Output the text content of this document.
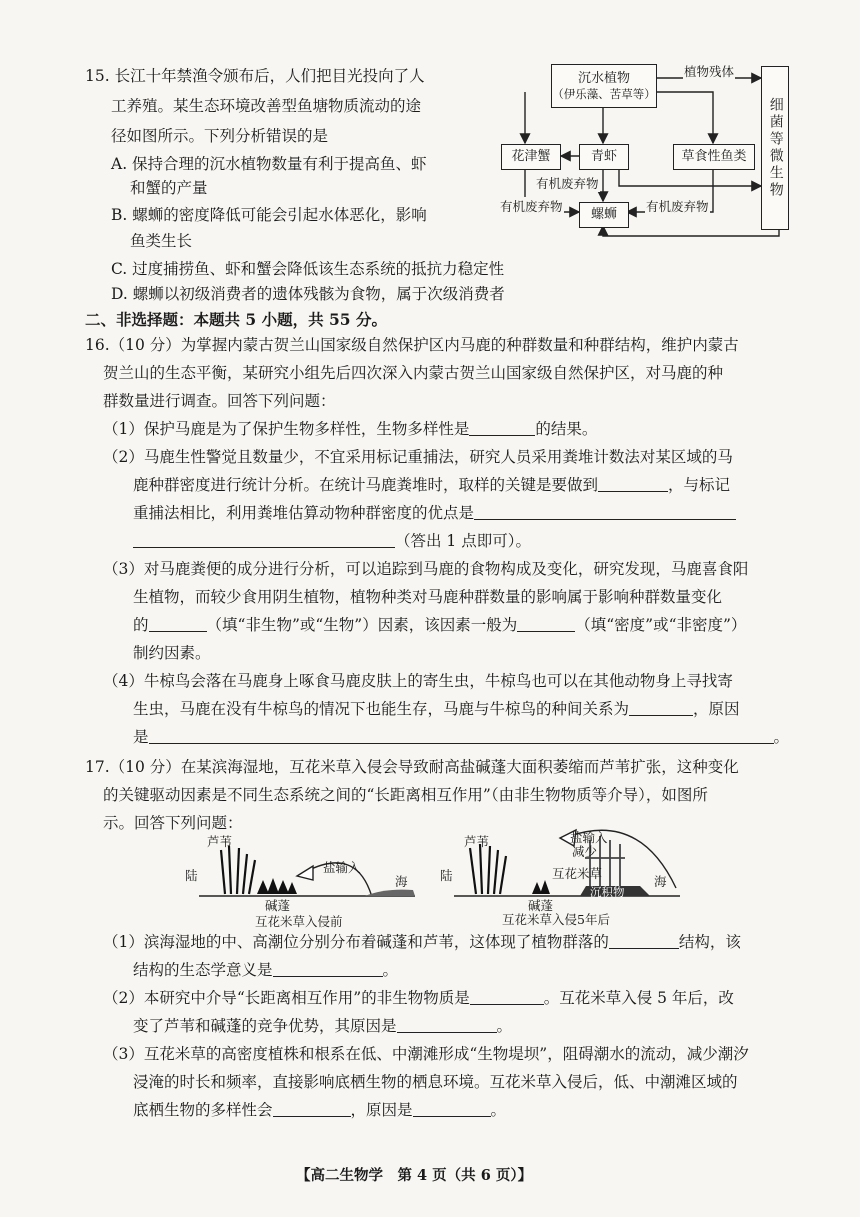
15. 长江十年禁渔令颁布后，人们把目光投向了人
工养殖。某生态环境改善型鱼塘物质流动的途
径如图所示。下列分析错误的是
A. 保持合理的沉水植物数量有利于提高鱼、虾
和蟹的产量
B. 螺蛳的密度降低可能会引起水体恶化，影响
鱼类生长
C. 过度捕捞鱼、虾和蟹会降低该生态系统的抵抗力稳定性
D. 螺蛳以初级消费者的遗体残骸为食物，属于次级消费者
沉水植物
（伊乐藻、苦草等）
细菌等微生物
花津蟹	青虾	草食性鱼类
螺蛳
植物残体
有机废弃物
有机废弃物	有机废弃物
二、非选择题：本题共 5 小题，共 55 分。
16.（10 分）为掌握内蒙古贺兰山国家级自然保护区内马鹿的种群数量和种群结构，维护内蒙古
贺兰山的生态平衡，某研究小组先后四次深入内蒙古贺兰山国家级自然保护区，对马鹿的种
群数量进行调查。回答下列问题：
（1）保护马鹿是为了保护生物多样性，生物多样性是	的结果。
（2）马鹿生性警觉且数量少，不宜采用标记重捕法，研究人员采用粪堆计数法对某区域的马
鹿种群密度进行统计分析。在统计马鹿粪堆时，取样的关键是要做到	，与标记
重捕法相比，利用粪堆估算动物种群密度的优点是
（答出 1 点即可）。
（3）对马鹿粪便的成分进行分析，可以追踪到马鹿的食物构成及变化，研究发现，马鹿喜食阳
生植物，而较少食用阴生植物，植物种类对马鹿种群数量的影响属于影响种群数量变化
的	（填“非生物”或“生物”）因素，该因素一般为	（填“密度”或“非密度”）
制约因素。
（4）牛椋鸟会落在马鹿身上啄食马鹿皮肤上的寄生虫，牛椋鸟也可以在其他动物身上寻找寄
生虫，马鹿在没有牛椋鸟的情况下也能生存，马鹿与牛椋鸟的种间关系为	，原因
是	。
17.（10 分）在某滨海湿地，互花米草入侵会导致耐高盐碱蓬大面积萎缩而芦苇扩张，这种变化
的关键驱动因素是不同生态系统之间的“长距离相互作用”（由非生物物质等介导），如图所
示。回答下列问题：
芦苇
陆
盐输入
碱蓬
海
互花米草入侵前
芦苇
陆
盐输入
减少
互花米草
碱蓬
沉积物
海
互花米草入侵5年后
（1）滨海湿地的中、高潮位分别分布着碱蓬和芦苇，这体现了植物群落的	结构，该
结构的生态学意义是	。
（2）本研究中介导“长距离相互作用”的非生物物质是	。互花米草入侵 5 年后，改
变了芦苇和碱蓬的竞争优势，其原因是	。
（3）互花米草的高密度植株和根系在低、中潮滩形成“生物堤坝”，阻碍潮水的流动，减少潮汐
浸淹的时长和频率，直接影响底栖生物的栖息环境。互花米草入侵后，低、中潮滩区域的
底栖生物的多样性会	，原因是	。
【高二生物学　第 4 页（共 6 页）】
